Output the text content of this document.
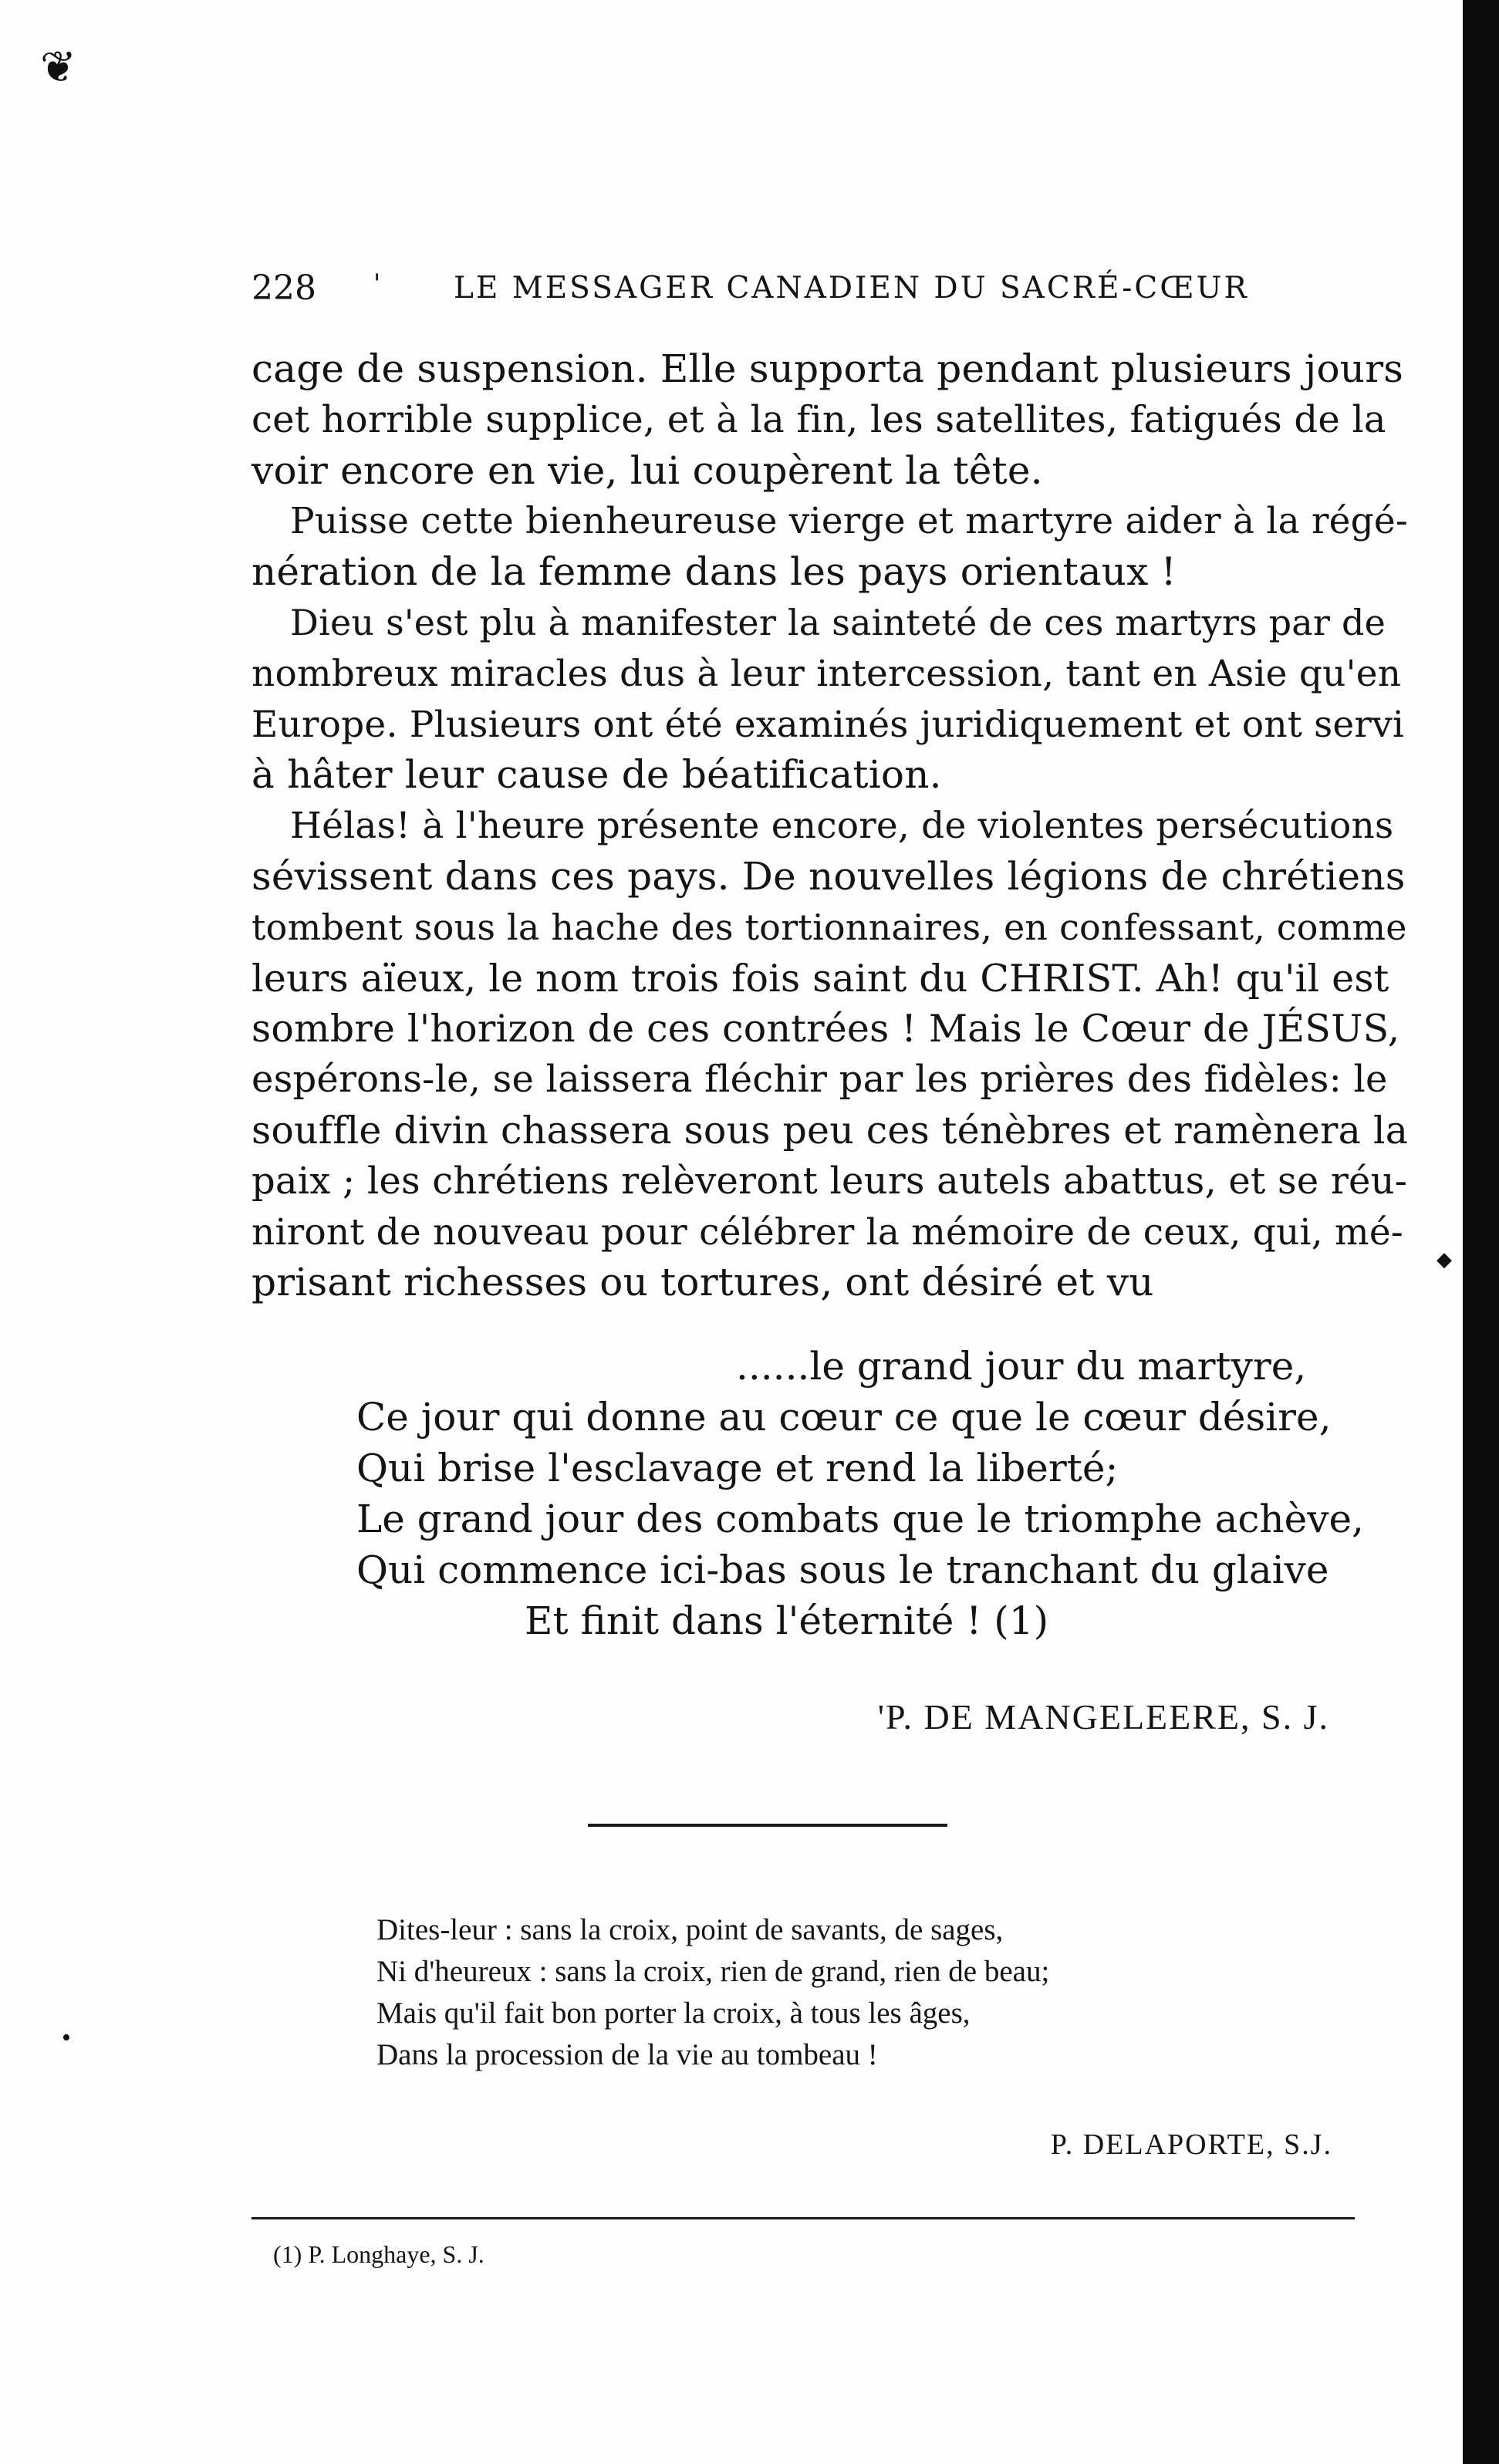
❦
◆
•
228 ' LE MESSAGER CANADIEN DU SACRÉ-CŒUR
cage de suspension. Elle supporta pendant plusieurs jours
cet horrible supplice, et à la fin, les satellites, fatigués de la
voir encore en vie, lui coupèrent la tête.
Puisse cette bienheureuse vierge et martyre aider à la régé-
nération de la femme dans les pays orientaux !
Dieu s'est plu à manifester la sainteté de ces martyrs par de
nombreux miracles dus à leur intercession, tant en Asie qu'en
Europe. Plusieurs ont été examinés juridiquement et ont servi
à hâter leur cause de béatification.
Hélas! à l'heure présente encore, de violentes persécutions
sévissent dans ces pays. De nouvelles légions de chrétiens
tombent sous la hache des tortionnaires, en confessant, comme
leurs aïeux, le nom trois fois saint du CHRIST. Ah! qu'il est
sombre l'horizon de ces contrées ! Mais le Cœur de JÉSUS,
espérons-le, se laissera fléchir par les prières des fidèles: le
souffle divin chassera sous peu ces ténèbres et ramènera la
paix ; les chrétiens relèveront leurs autels abattus, et se réu-
niront de nouveau pour célébrer la mémoire de ceux, qui, mé-
prisant richesses ou tortures, ont désiré et vu
......le grand jour du martyre,
Ce jour qui donne au cœur ce que le cœur désire,
Qui brise l'esclavage et rend la liberté;
Le grand jour des combats que le triomphe achève,
Qui commence ici-bas sous le tranchant du glaive
Et finit dans l'éternité ! (1)
'P. DE MANGELEERE, S. J.
Dites-leur : sans la croix, point de savants, de sages,
Ni d'heureux : sans la croix, rien de grand, rien de beau;
Mais qu'il fait bon porter la croix, à tous les âges,
Dans la procession de la vie au tombeau !
P. DELAPORTE, S.J.
(1) P. Longhaye, S. J.
